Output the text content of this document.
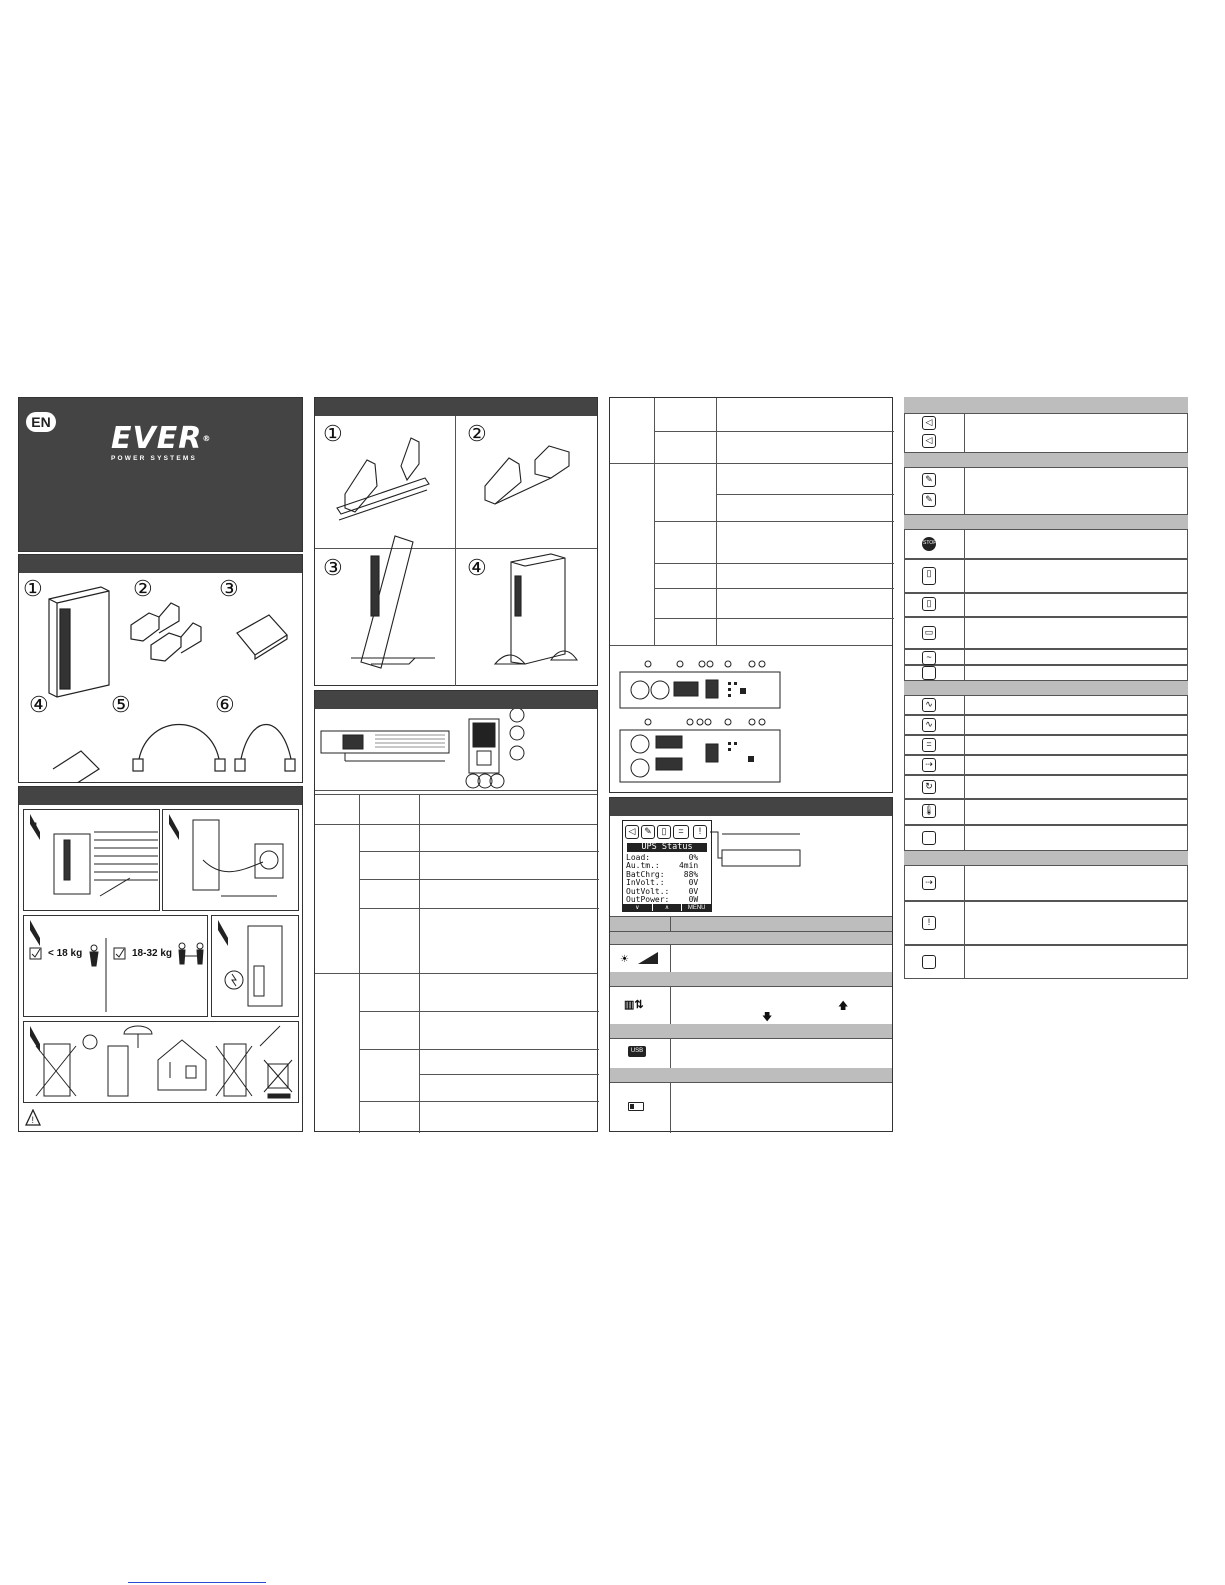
EN EVER®
POWER SYSTEMS
①	②	③
④	⑤	⑥
!
< 18 kg	18-32 kg
!
①	②
③	④
◁ ✎	▯	=	!
UPS Status
Load:        0%
Au.tm.:    4min
BatChrg:    88%
InVolt.:     0V
OutVolt.:    0V
OutPower:    0W
∨	∧	MENU
☀
▥⇅	🡅
🡇
USB
◁
◁
✎
✎
STOP
▯
▯
▭
~
∿
∿
=
⇢
↻
🌡
⇢
!
